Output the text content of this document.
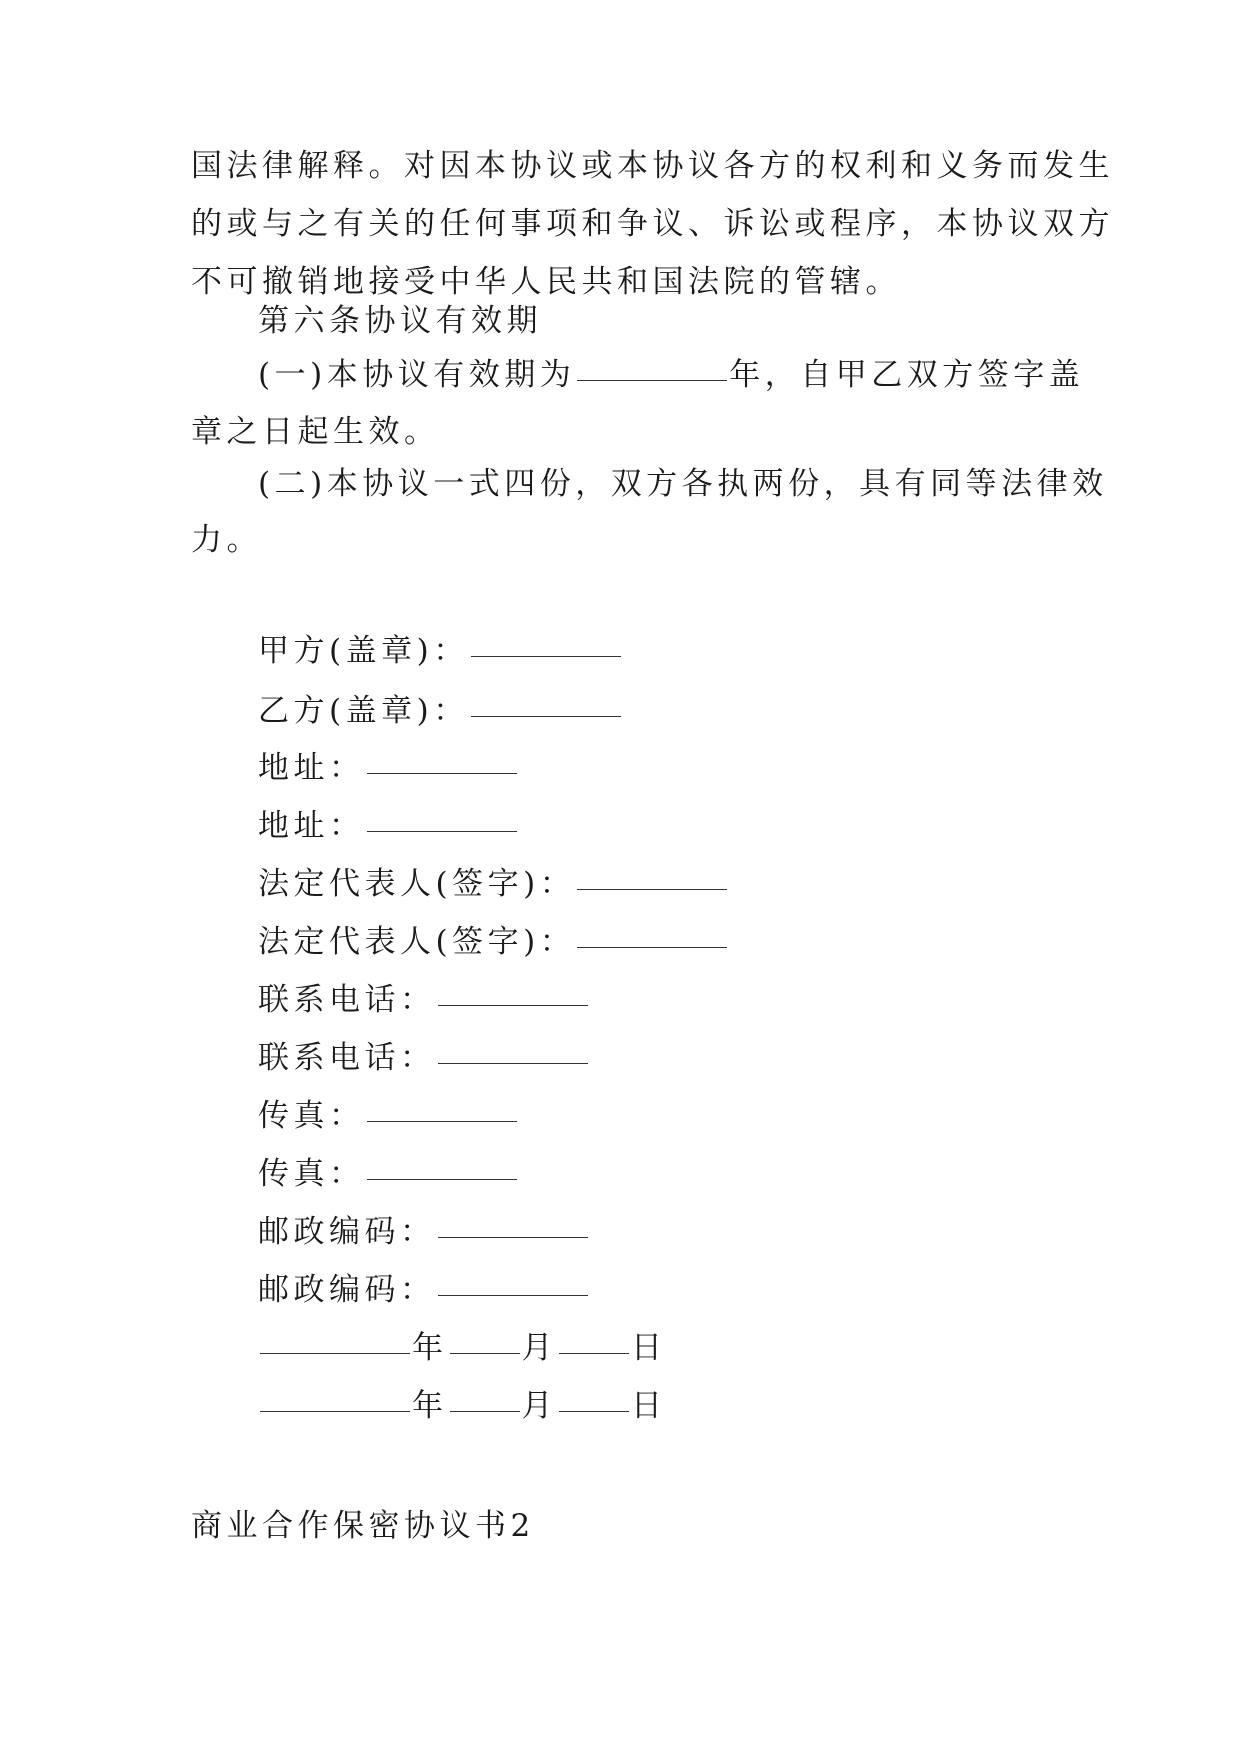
国法律解释。对因本协议或本协议各方的权利和义务而发生
的或与之有关的任何事项和争议、诉讼或程序，本协议双方
不可撤销地接受中华人民共和国法院的管辖。
第六条协议有效期
(一)本协议有效期为	年，自甲乙双方签字盖
章之日起生效。
(二)本协议一式四份，双方各执两份，具有同等法律效
力。
甲方(盖章)：
乙方(盖章)：
地址：
地址：
法定代表人(签字)：
法定代表人(签字)：
联系电话：
联系电话：
传真：
传真：
邮政编码：
邮政编码：
年 月 日
年 月 日
商业合作保密协议书2
